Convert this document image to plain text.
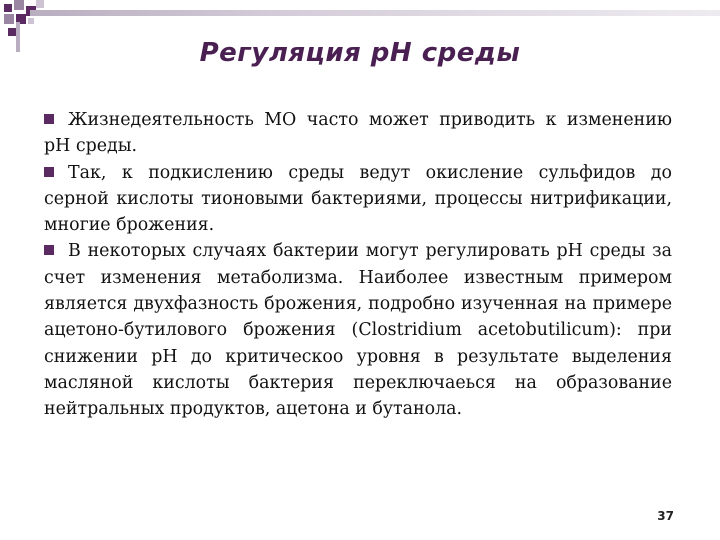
Регуляция рН среды

Жизнедеятельность МО часто может приводить к изменению рН среды.

Так, к подкислению среды ведут окисление сульфидов до серной кислоты тионовыми бактериями, процессы нитрификации, многие брожения.

В некоторых случаях бактерии могут регулировать рН среды за счет изменения метаболизма. Наиболее известным примером является двухфазность брожения, подробно изученная на примере ацетоно-бутилового брожения (Clostridium acetobutilicum): при снижении рН до критическоо уровня в результате выделения масляной кислоты бактерия переключаеься на образование нейтральных продуктов, ацетона и бутанола.

37
